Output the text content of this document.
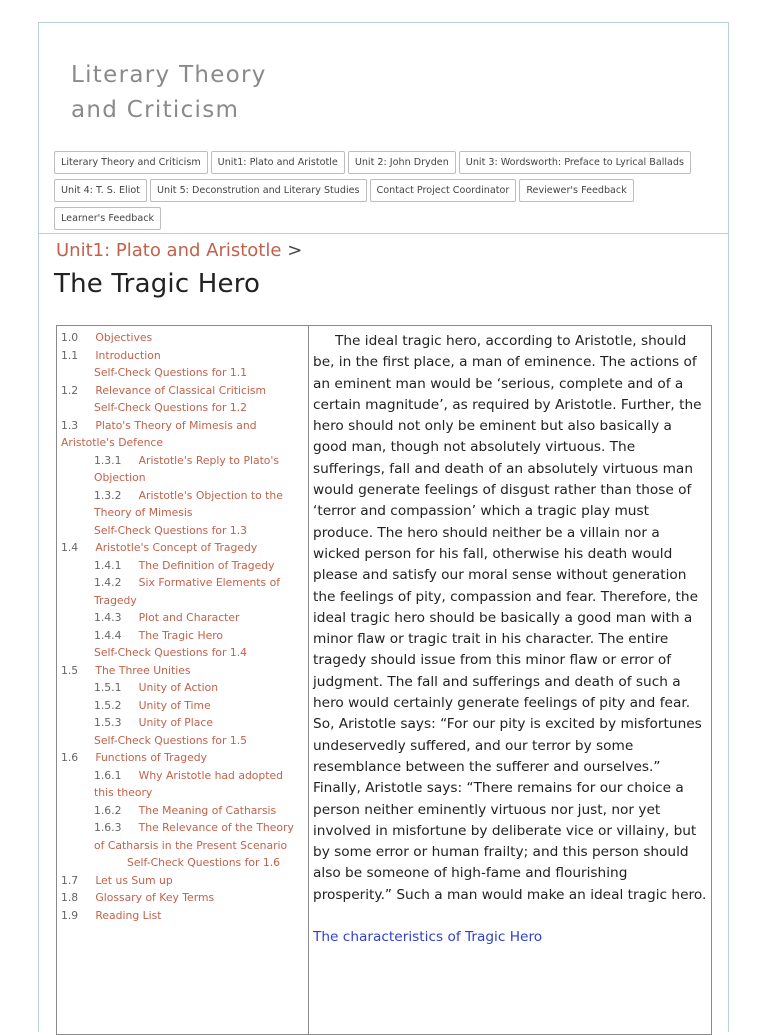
Literary Theory
and Criticism
Literary Theory and Criticism	Unit1: Plato and Aristotle	Unit 2: John Dryden	Unit 3: Wordsworth: Preface to Lyrical Ballads
Unit 4: T. S. Eliot	Unit 5: Deconstrution and Literary Studies	Contact Project Coordinator	Reviewer's Feedback
Learner's Feedback
Unit1: Plato and Aristotle >
The Tragic Hero
1.0 Objectives
1.1 Introduction
Self-Check Questions for 1.1
1.2 Relevance of Classical Criticism
Self-Check Questions for 1.2
1.3 Plato's Theory of Mimesis and Aristotle's Defence
1.3.1 Aristotle's Reply to Plato's Objection
1.3.2 Aristotle's Objection to the Theory of Mimesis
Self-Check Questions for 1.3
1.4 Aristotle's Concept of Tragedy
1.4.1 The Definition of Tragedy
1.4.2 Six Formative Elements of Tragedy
1.4.3 Plot and Character
1.4.4 The Tragic Hero
Self-Check Questions for 1.4
1.5 The Three Unities
1.5.1 Unity of Action
1.5.2 Unity of Time
1.5.3 Unity of Place
Self-Check Questions for 1.5
1.6 Functions of Tragedy
1.6.1 Why Aristotle had adopted this theory
1.6.2 The Meaning of Catharsis
1.6.3 The Relevance of the Theory of Catharsis in the Present Scenario
Self-Check Questions for 1.6
1.7 Let us Sum up
1.8 Glossary of Key Terms
1.9 Reading List

The ideal tragic hero, according to Aristotle, should be, in the first place, a man of eminence. The actions of an eminent man would be ‘serious, complete and of a certain magnitude’, as required by Aristotle. Further, the hero should not only be eminent but also basically a good man, though not absolutely virtuous. The sufferings, fall and death of an absolutely virtuous man would generate feelings of disgust rather than those of ‘terror and compassion’ which a tragic play must produce. The hero should neither be a villain nor a wicked person for his fall, otherwise his death would please and satisfy our moral sense without generation the feelings of pity, compassion and fear. Therefore, the ideal tragic hero should be basically a good man with a minor flaw or tragic trait in his character. The entire tragedy should issue from this minor flaw or error of judgment. The fall and sufferings and death of such a hero would certainly generate feelings of pity and fear. So, Aristotle says: “For our pity is excited by misfortunes undeservedly suffered, and our terror by some resemblance between the sufferer and ourselves.” Finally, Aristotle says: “There remains for our choice a person neither eminently virtuous nor just, nor yet involved in misfortune by deliberate vice or villainy, but by some error or human frailty; and this person should also be someone of high-fame and flourishing prosperity.” Such a man would make an ideal tragic hero.

The characteristics of Tragic Hero
